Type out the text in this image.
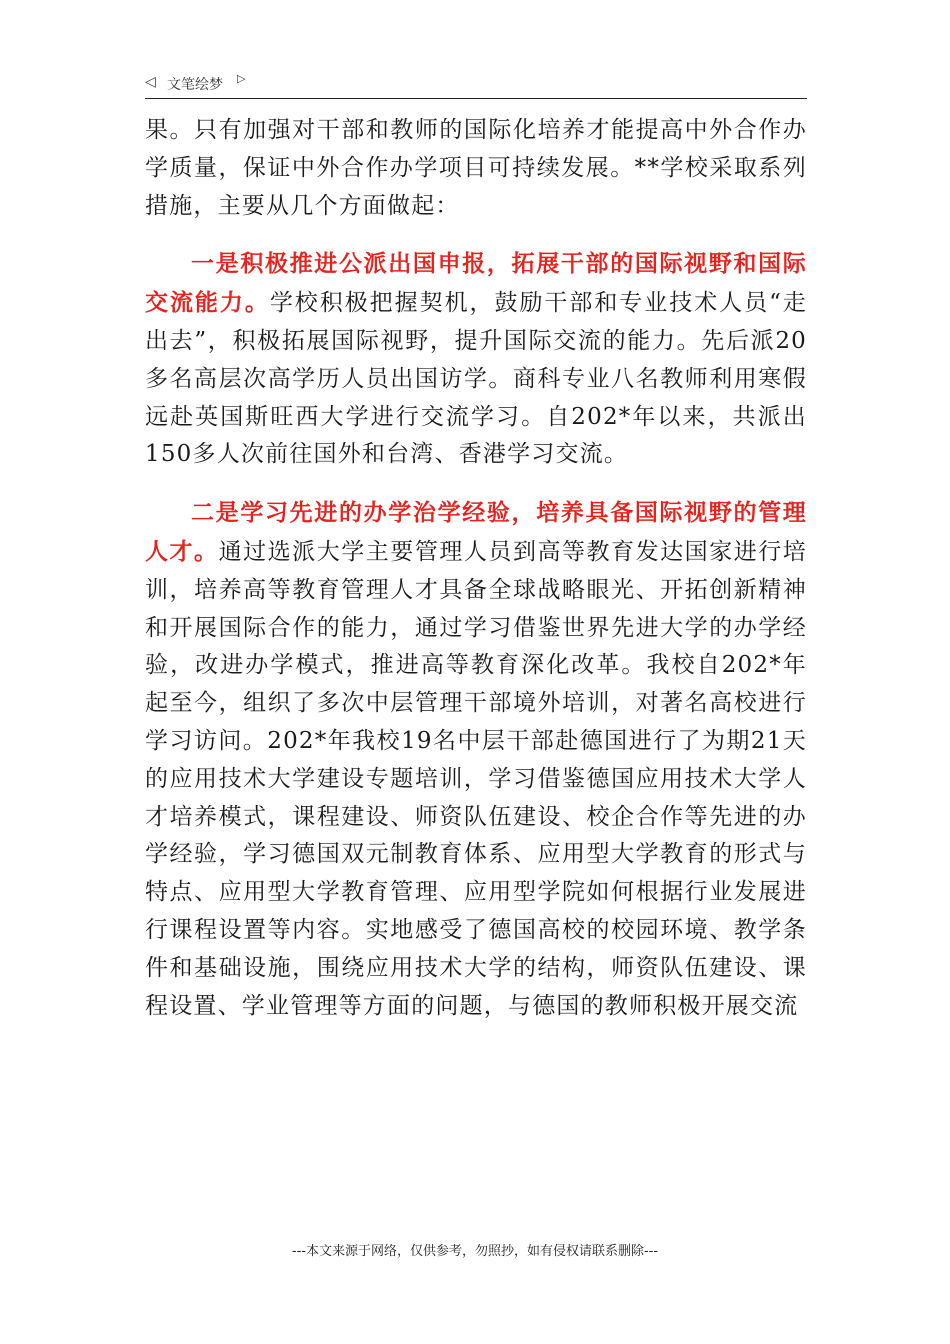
◁ 文笔绘梦 ▷

果。只有加强对干部和教师的国际化培养才能提高中外合作办学质量，保证中外合作办学项目可持续发展。**学校采取系列措施，主要从几个方面做起：

一是积极推进公派出国申报，拓展干部的国际视野和国际交流能力。学校积极把握契机，鼓励干部和专业技术人员“走出去”，积极拓展国际视野，提升国际交流的能力。先后派20多名高层次高学历人员出国访学。商科专业八名教师利用寒假远赴英国斯旺西大学进行交流学习。自202*年以来，共派出150多人次前往国外和台湾、香港学习交流。

二是学习先进的办学治学经验，培养具备国际视野的管理人才。通过选派大学主要管理人员到高等教育发达国家进行培训，培养高等教育管理人才具备全球战略眼光、开拓创新精神和开展国际合作的能力，通过学习借鉴世界先进大学的办学经验，改进办学模式，推进高等教育深化改革。我校自202*年起至今，组织了多次中层管理干部境外培训，对著名高校进行学习访问。202*年我校19名中层干部赴德国进行了为期21天的应用技术大学建设专题培训，学习借鉴德国应用技术大学人才培养模式，课程建设、师资队伍建设、校企合作等先进的办学经验，学习德国双元制教育体系、应用型大学教育的形式与特点、应用型大学教育管理、应用型学院如何根据行业发展进行课程设置等内容。实地感受了德国高校的校园环境、教学条件和基础设施，围绕应用技术大学的结构，师资队伍建设、课程设置、学业管理等方面的问题，与德国的教师积极开展交流

---本文来源于网络，仅供参考，勿照抄，如有侵权请联系删除---
